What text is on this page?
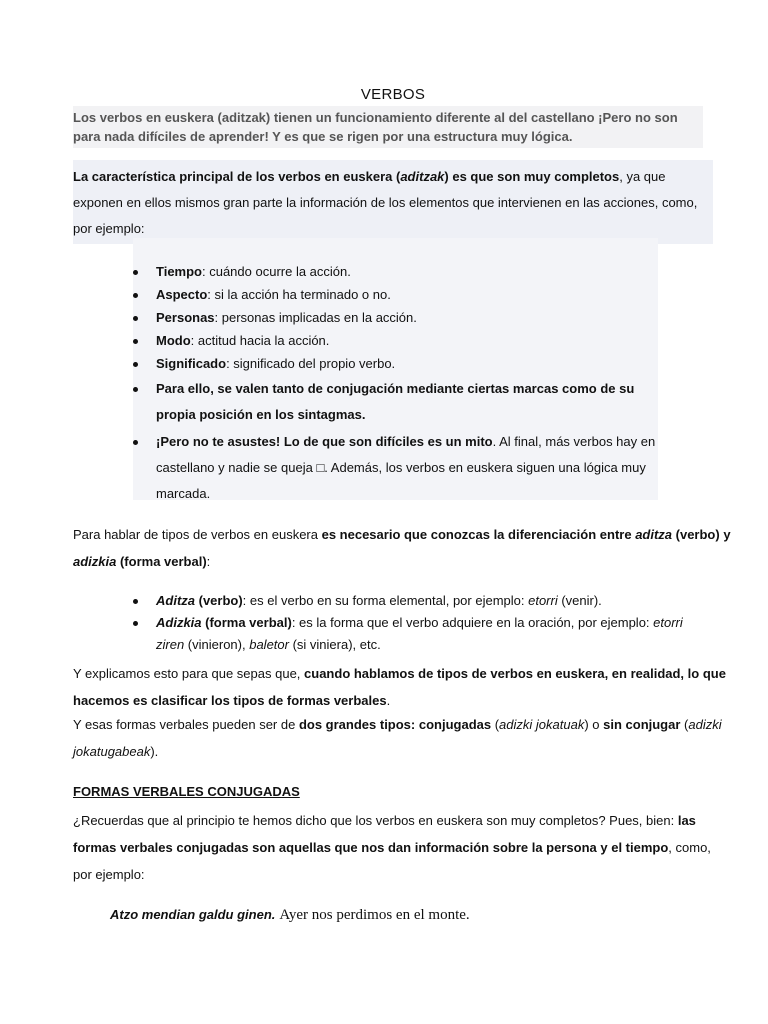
VERBOS
Los verbos en euskera (aditzak) tienen un funcionamiento diferente al del castellano ¡Pero no son para nada difíciles de aprender! Y es que se rigen por una estructura muy lógica.
La característica principal de los verbos en euskera (aditzak) es que son muy completos, ya que exponen en ellos mismos gran parte la información de los elementos que intervienen en las acciones, como, por ejemplo:
Tiempo: cuándo ocurre la acción.
Aspecto: si la acción ha terminado o no.
Personas: personas implicadas en la acción.
Modo: actitud hacia la acción.
Significado: significado del propio verbo.
Para ello, se valen tanto de conjugación mediante ciertas marcas como de su propia posición en los sintagmas.
¡Pero no te asustes! Lo de que son difíciles es un mito. Al final, más verbos hay en castellano y nadie se queja □. Además, los verbos en euskera siguen una lógica muy marcada.
Para hablar de tipos de verbos en euskera es necesario que conozcas la diferenciación entre aditza (verbo) y adizkia (forma verbal):
Aditza (verbo): es el verbo en su forma elemental, por ejemplo: etorri (venir).
Adizkia (forma verbal): es la forma que el verbo adquiere en la oración, por ejemplo: etorri ziren (vinieron), baletor (si viniera), etc.
Y explicamos esto para que sepas que, cuando hablamos de tipos de verbos en euskera, en realidad, lo que hacemos es clasificar los tipos de formas verbales.
Y esas formas verbales pueden ser de dos grandes tipos: conjugadas (adizki jokatuak) o sin conjugar (adizki jokatugabeak).
FORMAS VERBALES CONJUGADAS
¿Recuerdas que al principio te hemos dicho que los verbos en euskera son muy completos? Pues, bien: las formas verbales conjugadas son aquellas que nos dan información sobre la persona y el tiempo, como, por ejemplo:
Atzo mendian galdu ginen. Ayer nos perdimos en el monte.
